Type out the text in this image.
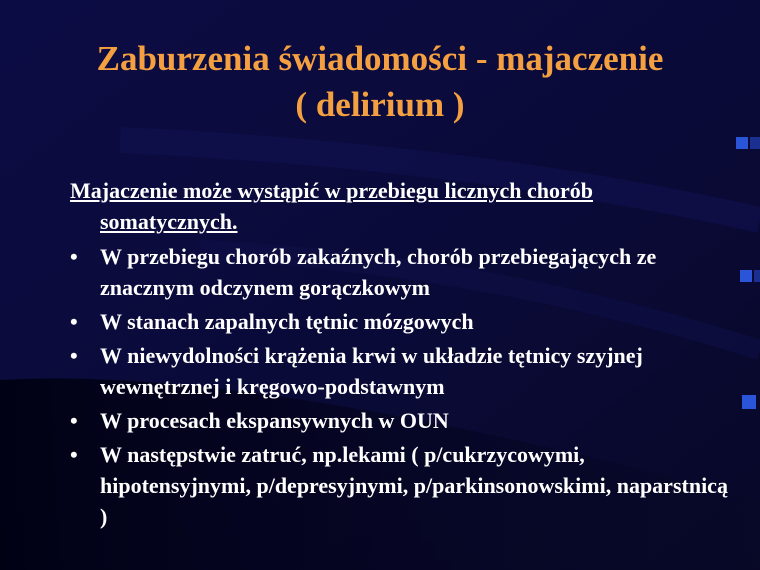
Zaburzenia świadomości - majaczenie
( delirium )

Majaczenie może wystąpić w przebiegu licznych chorób somatycznych.

•	W przebiegu chorób zakaźnych, chorób przebiegających ze znacznym odczynem gorączkowym
•	W stanach zapalnych tętnic mózgowych
•	W niewydolności krążenia krwi w układzie tętnicy szyjnej wewnętrznej i kręgowo-podstawnym
•	W procesach ekspansywnych w OUN
•	W następstwie zatruć, np.lekami ( p/cukrzycowymi, hipotensyjnymi, p/depresyjnymi, p/parkinsonowskimi, naparstnicą )
